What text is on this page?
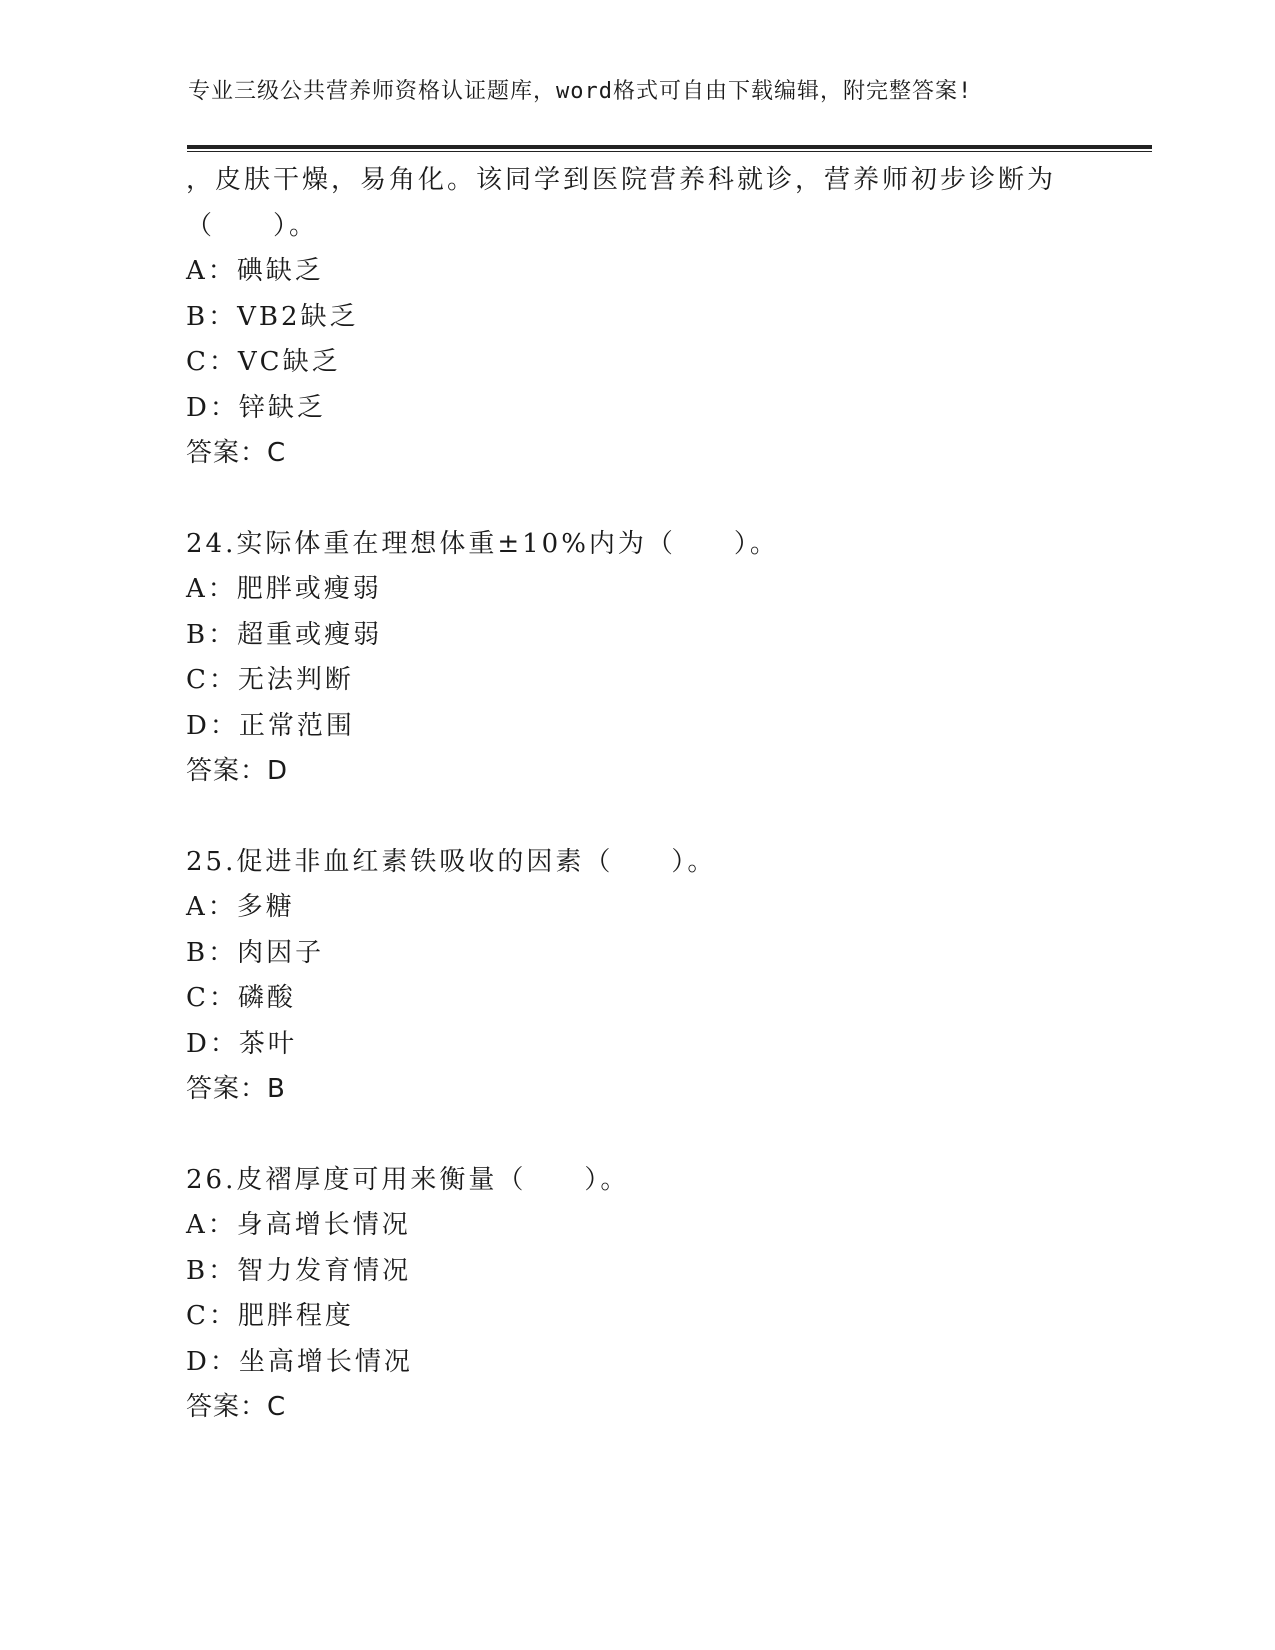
专业三级公共营养师资格认证题库，word格式可自由下载编辑，附完整答案!
，皮肤干燥，易角化。该同学到医院营养科就诊，营养师初步诊断为
（　　）。
A：碘缺乏
B：VB2缺乏
C：VC缺乏
D：锌缺乏
答案：C
24.实际体重在理想体重±10%内为（　　）。
A：肥胖或瘦弱
B：超重或瘦弱
C：无法判断
D：正常范围
答案：D
25.促进非血红素铁吸收的因素（　　）。
A：多糖
B：肉因子
C：磷酸
D：茶叶
答案：B
26.皮褶厚度可用来衡量（　　）。
A：身高增长情况
B：智力发育情况
C：肥胖程度
D：坐高增长情况
答案：C
